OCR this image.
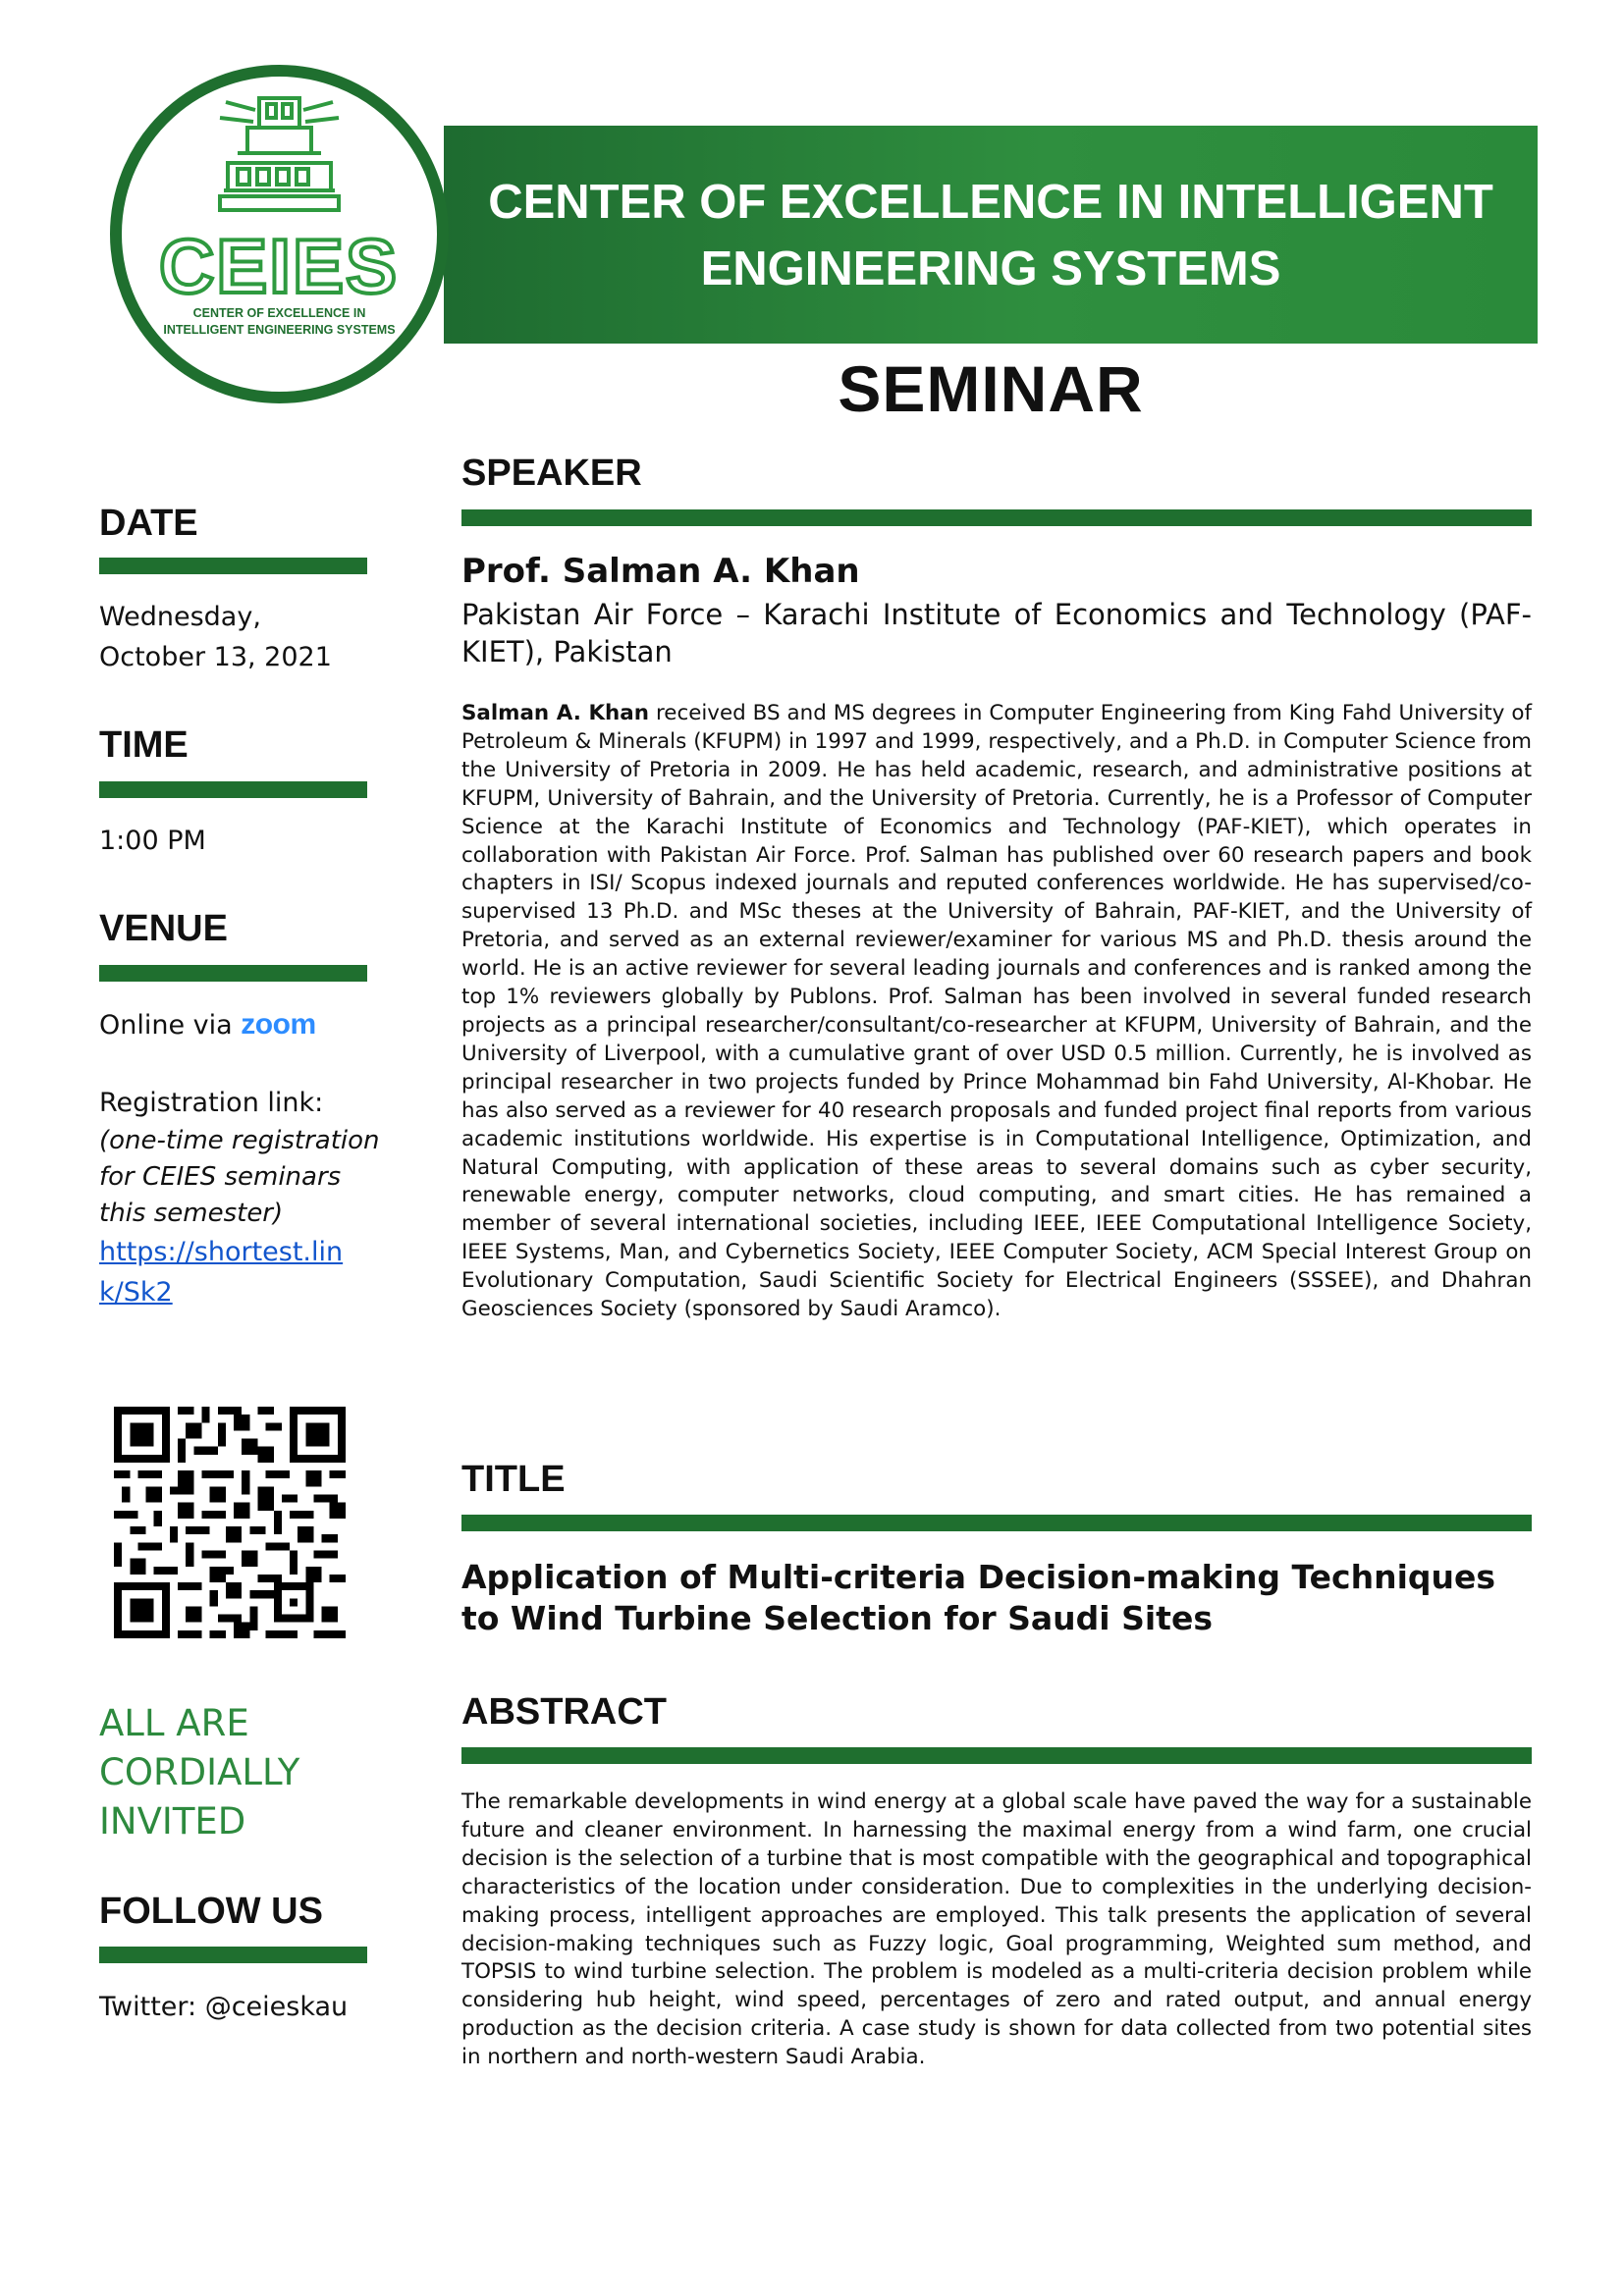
CENTER OF EXCELLENCE IN INTELLIGENT
ENGINEERING SYSTEMS
CEIES
CENTER OF EXCELLENCE IN
INTELLIGENT ENGINEERING SYSTEMS
SEMINAR
DATE
Wednesday,
October 13, 2021
TIME
1:00 PM
VENUE
Online via zoom
Registration link:
(one-time registration for CEIES seminars this semester)
https://shortest.lin
k/Sk2
ALL ARE
CORDIALLY
INVITED
FOLLOW US
Twitter: @ceieskau
SPEAKER
Prof. Salman A. Khan
Pakistan Air Force – Karachi Institute of Economics and Technology (PAF-KIET), Pakistan
Salman A. Khan received BS and MS degrees in Computer Engineering from King Fahd University of Petroleum & Minerals (KFUPM) in 1997 and 1999, respectively, and a Ph.D. in Computer Science from the University of Pretoria in 2009. He has held academic, research, and administrative positions at KFUPM, University of Bahrain, and the University of Pretoria. Currently, he is a Professor of Computer Science at the Karachi Institute of Economics and Technology (PAF-KIET), which operates in collaboration with Pakistan Air Force. Prof. Salman has published over 60 research papers and book chapters in ISI/ Scopus indexed journals and reputed conferences worldwide. He has supervised/co-supervised 13 Ph.D. and MSc theses at the University of Bahrain, PAF-KIET, and the University of Pretoria, and served as an external reviewer/examiner for various MS and Ph.D. thesis around the world. He is an active reviewer for several leading journals and conferences and is ranked among the top 1% reviewers globally by Publons. Prof. Salman has been involved in several funded research projects as a principal researcher/consultant/co-researcher at KFUPM, University of Bahrain, and the University of Liverpool, with a cumulative grant of over USD 0.5 million. Currently, he is involved as principal researcher in two projects funded by Prince Mohammad bin Fahd University, Al-Khobar. He has also served as a reviewer for 40 research proposals and funded project final reports from various academic institutions worldwide. His expertise is in Computational Intelligence, Optimization, and Natural Computing, with application of these areas to several domains such as cyber security, renewable energy, computer networks, cloud computing, and smart cities. He has remained a member of several international societies, including IEEE, IEEE Computational Intelligence Society, IEEE Systems, Man, and Cybernetics Society, IEEE Computer Society, ACM Special Interest Group on Evolutionary Computation, Saudi Scientific Society for Electrical Engineers (SSSEE), and Dhahran Geosciences Society (sponsored by Saudi Aramco).
TITLE
Application of Multi-criteria Decision-making Techniques
to Wind Turbine Selection for Saudi Sites
ABSTRACT
The remarkable developments in wind energy at a global scale have paved the way for a sustainable future and cleaner environment. In harnessing the maximal energy from a wind farm, one crucial decision is the selection of a turbine that is most compatible with the geographical and topographical characteristics of the location under consideration. Due to complexities in the underlying decision-making process, intelligent approaches are employed. This talk presents the application of several decision-making techniques such as Fuzzy logic, Goal programming, Weighted sum method, and TOPSIS to wind turbine selection. The problem is modeled as a multi-criteria decision problem while considering hub height, wind speed, percentages of zero and rated output, and annual energy production as the decision criteria. A case study is shown for data collected from two potential sites in northern and north-western Saudi Arabia.
